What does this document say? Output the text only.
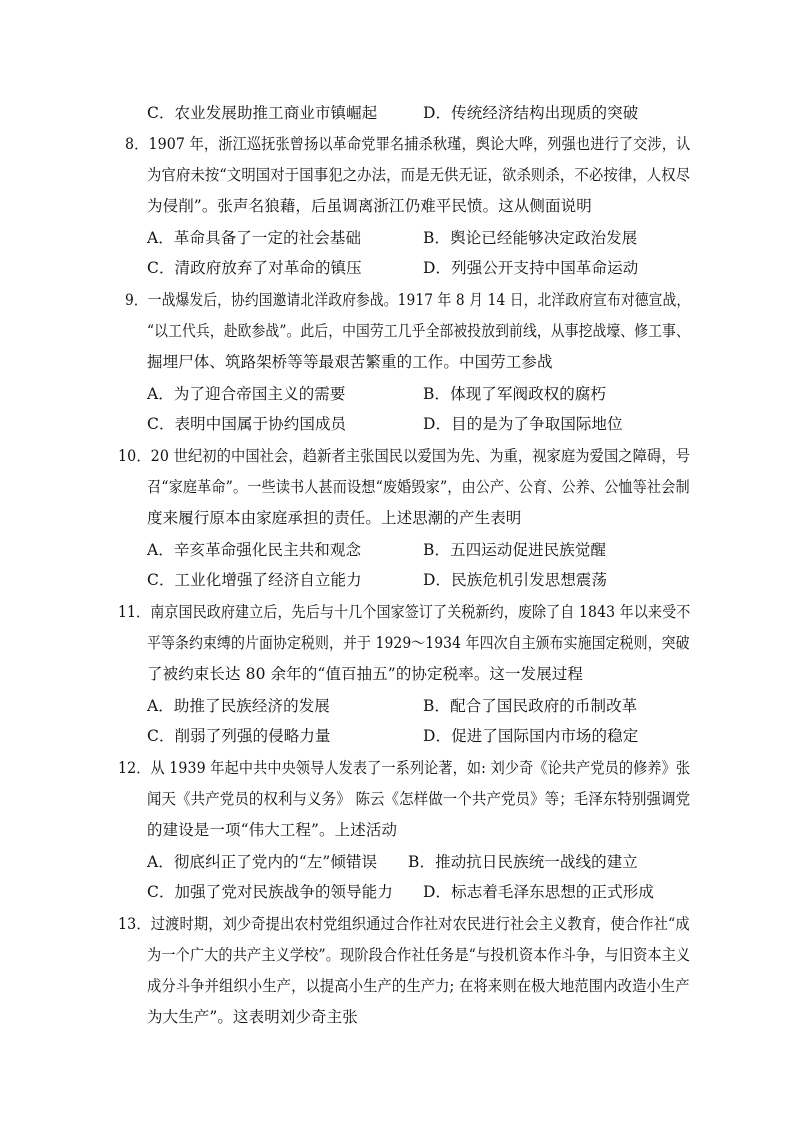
C．农业发展助推工商业市镇崛起	D．传统经济结构出现质的突破
8．1907 年，浙江巡抚张曾扬以革命党罪名捕杀秋瑾，舆论大哗，列强也进行了交涉，认
为官府未按“文明国对于国事犯之办法，而是无供无证，欲杀则杀，不必按律，人权尽
为侵削”。张声名狼藉，后虽调离浙江仍难平民愤。这从侧面说明
A．革命具备了一定的社会基础	B．舆论已经能够决定政治发展
C．清政府放弃了对革命的镇压	D．列强公开支持中国革命运动
9．一战爆发后，协约国邀请北洋政府参战。1917 年 8 月 14 日，北洋政府宣布对德宣战，
“以工代兵，赴欧参战”。此后，中国劳工几乎全部被投放到前线，从事挖战壕、修工事、
掘埋尸体、筑路架桥等等最艰苦繁重的工作。中国劳工参战
A．为了迎合帝国主义的需要	B．体现了军阀政权的腐朽
C．表明中国属于协约国成员	D．目的是为了争取国际地位
10．20 世纪初的中国社会，趋新者主张国民以爱国为先、为重，视家庭为爱国之障碍，号
召“家庭革命”。一些读书人甚而设想“废婚毁家”，由公产、公育、公养、公恤等社会制
度来履行原本由家庭承担的责任。上述思潮的产生表明
A．辛亥革命强化民主共和观念	B．五四运动促进民族觉醒
C．工业化增强了经济自立能力	D．民族危机引发思想震荡
11．南京国民政府建立后，先后与十几个国家签订了关税新约，废除了自 1843 年以来受不
平等条约束缚的片面协定税则，并于 1929～1934 年四次自主颁布实施国定税则，突破
了被约束长达 80 余年的“值百抽五”的协定税率。这一发展过程
A．助推了民族经济的发展	B．配合了国民政府的币制改革
C．削弱了列强的侵略力量	D．促进了国际国内市场的稳定
12．从 1939 年起中共中央领导人发表了一系列论著，如: 刘少奇《论共产党员的修养》张
闻天《共产党员的权利与义务》 陈云《怎样做一个共产党员》等；毛泽东特别强调党
的建设是一项“伟大工程”。上述活动
A．彻底纠正了党内的“左”倾错误 B．推动抗日民族统一战线的建立
C．加强了党对民族战争的领导能力 D．标志着毛泽东思想的正式形成
13．过渡时期，刘少奇提出农村党组织通过合作社对农民进行社会主义教育，使合作社“成
为一个广大的共产主义学校”。现阶段合作社任务是“与投机资本作斗争，与旧资本主义
成分斗争并组织小生产，以提高小生产的生产力; 在将来则在极大地范围内改造小生产
为大生产”。这表明刘少奇主张
